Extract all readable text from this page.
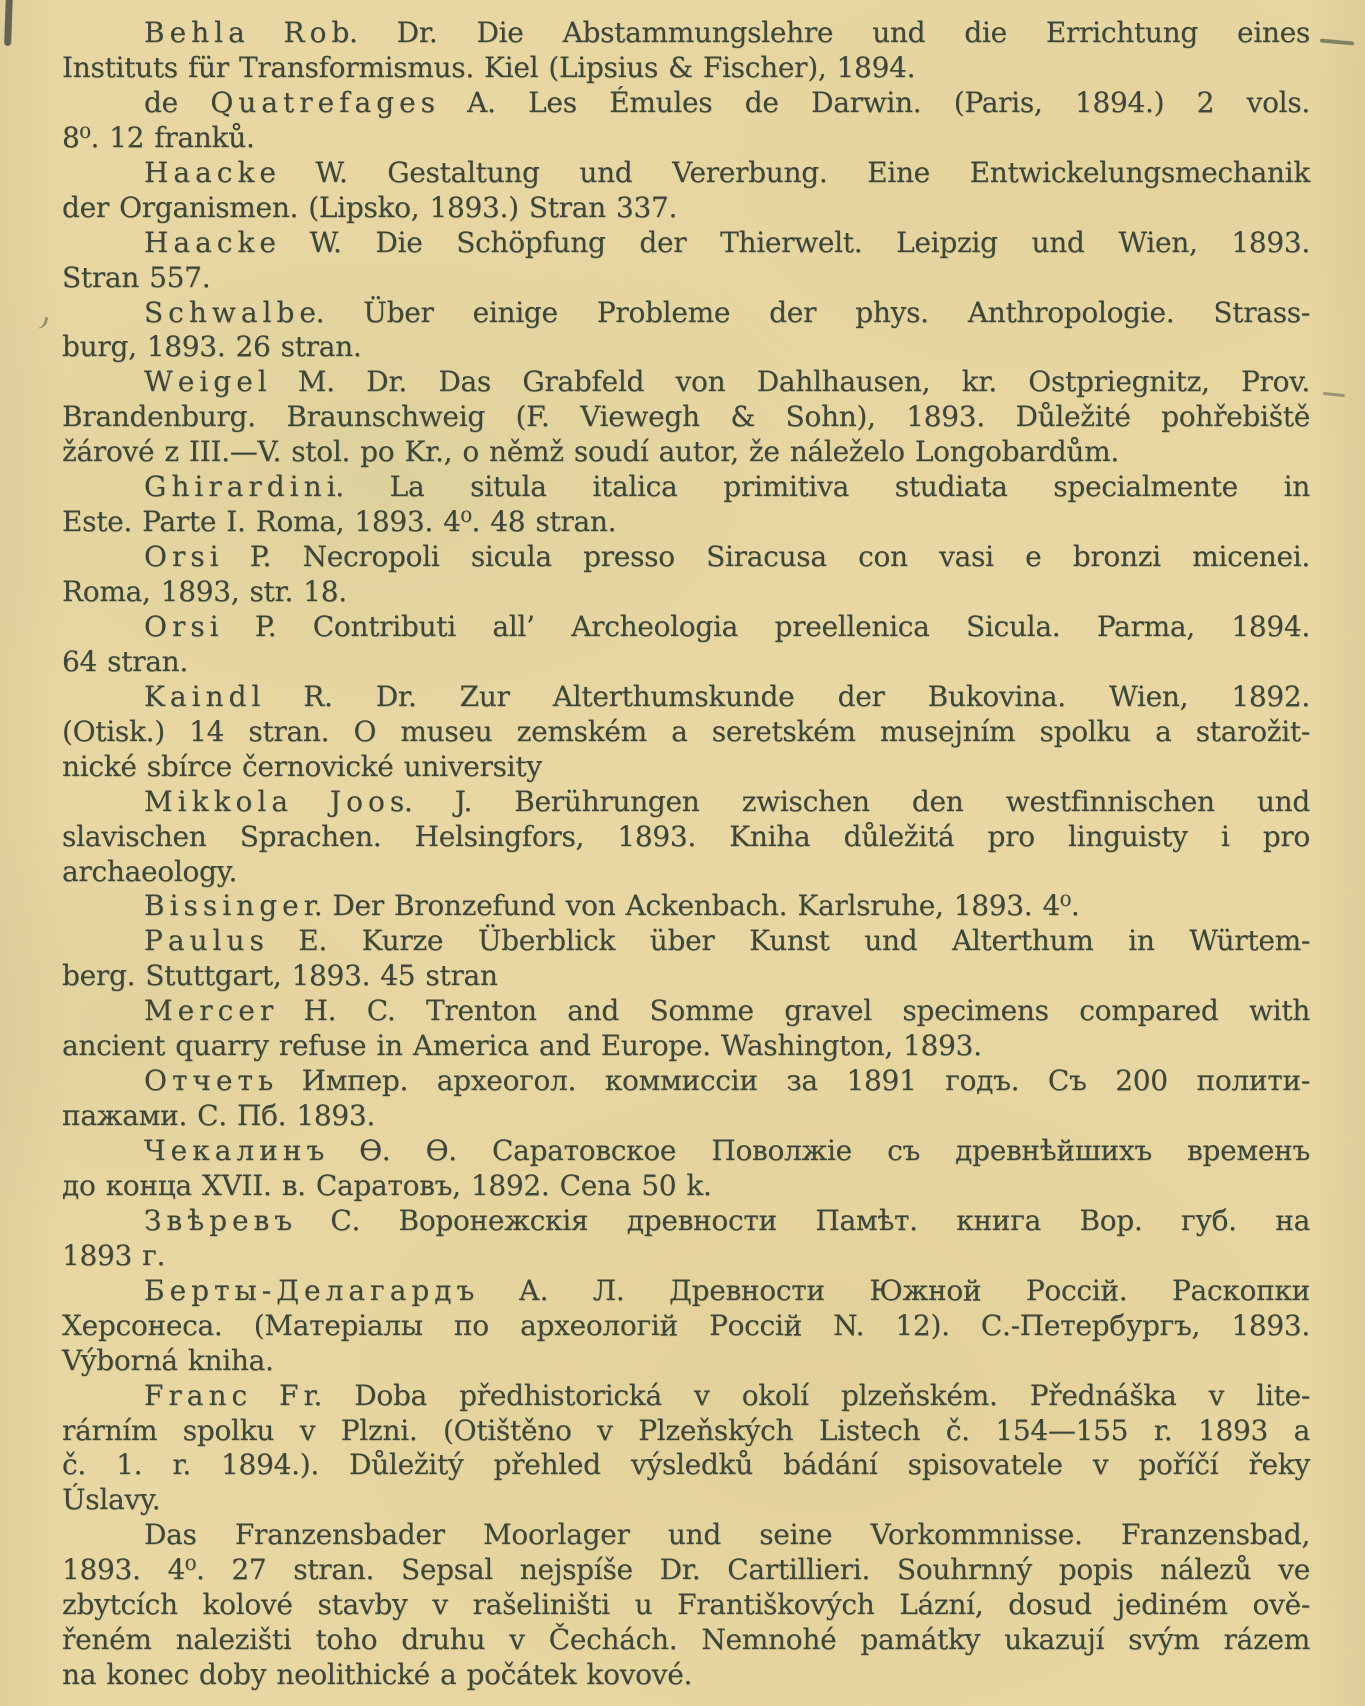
B e h l a R o b. Dr. Die Abstammungslehre und die Errichtung eines
Instituts für Transformismus. Kiel (Lipsius & Fischer), 1894.

de Q u a t r e f a g e s A. Les Émules de Darwin. (Paris, 1894.) 2 vols.
8⁰. 12 franků.

H a a c k e W. Gestaltung und Vererbung. Eine Entwickelungsmechanik
der Organismen. (Lipsko, 1893.) Stran 337.

H a a c k e W. Die Schöpfung der Thierwelt. Leipzig und Wien, 1893.
Stran 557.

S c h w a l b e. Über einige Probleme der phys. Anthropologie. Strass-
burg, 1893. 26 stran.

W e i g e l M. Dr. Das Grabfeld von Dahlhausen, kr. Ostpriegnitz, Prov.
Brandenburg. Braunschweig (F. Viewegh & Sohn), 1893. Důležité pohřebiště
žárové z III.—V. stol. po Kr., o němž soudí autor, že náleželo Longobardům.

G h i r a r d i n i. La situla italica primitiva studiata specialmente in
Este. Parte I. Roma, 1893. 4⁰. 48 stran.

O r s i P. Necropoli sicula presso Siracusa con vasi e bronzi micenei.
Roma, 1893, str. 18.

O r s i P. Contributi all’ Archeologia preellenica Sicula. Parma, 1894.
64 stran.

K a i n d l R. Dr. Zur Alterthumskunde der Bukovina. Wien, 1892.
(Otisk.) 14 stran. O museu zemském a seretském musejním spolku a starožit-
nické sbírce černovické university

M i k k o l a J o o s. J. Berührungen zwischen den westfinnischen und
slavischen Sprachen. Helsingfors, 1893. Kniha důležitá pro linguisty i pro
archaeology.

B i s s i n g e r. Der Bronzefund von Ackenbach. Karlsruhe, 1893. 4⁰.

P a u l u s E. Kurze Überblick über Kunst und Alterthum in Würtem-
berg. Stuttgart, 1893. 45 stran

M e r c e r H. C. Trenton and Somme gravel specimens compared with
ancient quarry refuse in America and Europe. Washington, 1893.

О т ч е т ь Импер. археогол. коммиссіи за 1891 годъ. Съ 200 полити-
пажами. С. Пб. 1893.

Ч е к а л и н ъ Ѳ. Ѳ. Саратовское Поволжіе съ древнѣйшихъ временъ
до конца XVII. в. Саратовъ, 1892. Cena 50 k.

З в ѣ р е в ъ С. Воронежскія древности Памѣт. книга Вор. губ. на
1893 г.

Б е р т ы - Д е л а г а р д ъ А. Л. Древности Южной Россій. Раскопки
Херсонеса. (Матеріалы по археологій Россій N. 12). С.-Петербургъ, 1893.
Výborná kniha.

F r a n c F r. Doba předhistorická v okolí plzeňském. Přednáška v lite-
rárním spolku v Plzni. (Otištěno v Plzeňských Listech č. 154—155 r. 1893 a
č. 1. r. 1894.). Důležitý přehled výsledků bádání spisovatele v poříčí řeky
Úslavy.

Das Franzensbader Moorlager und seine Vorkommnisse. Franzensbad,
1893. 4⁰. 27 stran. Sepsal nejspíše Dr. Cartillieri. Souhrnný popis nálezů ve
zbytcích kolové stavby v rašeliništi u Františkových Lázní, dosud jediném ově-
řeném nalezišti toho druhu v Čechách. Nemnohé památky ukazují svým rázem
na konec doby neolithické a počátek kovové.
